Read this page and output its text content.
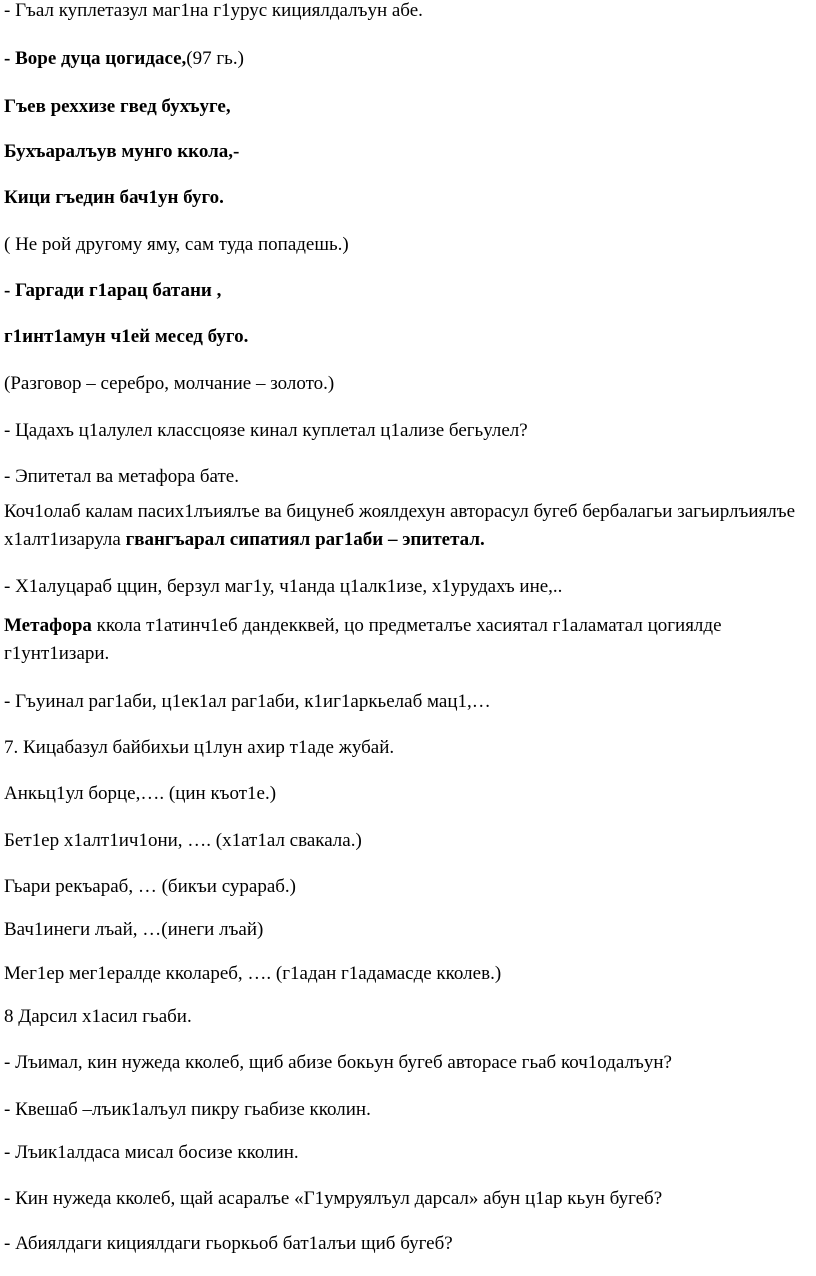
- Гъал куплетазул маг1на г1урус кициялдалъун абе.
- Воре дуца цогидасе,(97 гь.)
Гъев реххизе гвед бухъуге,
Бухъаралъув мунго ккола,-
Кици гъедин бач1ун буго.
( Не рой другому яму, сам туда попадешь.)
- Гаргади г1арац батани ,
г1инт1амун ч1ей месед буго.
(Разговор – серебро, молчание – золото.)
- Цадахъ ц1алулел классцоязе кинал куплетал ц1ализе бегьулел?
- Эпитетал ва метафора бате.
Коч1олаб калам пасих1лъиялъе ва бицунеб жоялдехун авторасул бугеб бербалагьи загьирлъиялъе х1алт1изарула гвангъарал сипатиял раг1аби – эпитетал.
- Х1алуцараб ццин, берзул маг1у, ч1анда ц1алк1изе, х1урудахъ ине,..
Метафора ккола т1атинч1еб дандекквей, цо предметалъе хасиятал г1аламатал цогиялде г1унт1изари.
- Гъуинал раг1аби, ц1ек1ал раг1аби, к1иг1аркьелаб мац1,…
7. Кицабазул байбихьи ц1лун ахир т1аде жубай.
Анкьц1ул борце,…. (цин къот1е.)
Бет1ер х1алт1ич1они, …. (х1ат1ал свакала.)
Гьари рекъараб, … (бикъи сурараб.)
Вач1инеги лъай, …(инеги лъай)
Мег1ер мег1ералде кколареб, …. (г1адан г1адамасде кколев.)
8 Дарсил х1асил гьаби.
- Лъимал, кин нужеда кколеб, щиб абизе бокьун бугеб авторасе гьаб коч1одалъун?
- Квешаб –лъик1алъул пикру гьабизе кколин.
- Лъик1алдаса мисал босизе кколин.
- Кин нужеда кколеб, щай асаралъе «Г1умруялъул дарсал» абун ц1ар кьун бугеб?
- Абиялдаги кициялдаги гьоркьоб бат1алъи щиб бугеб?
